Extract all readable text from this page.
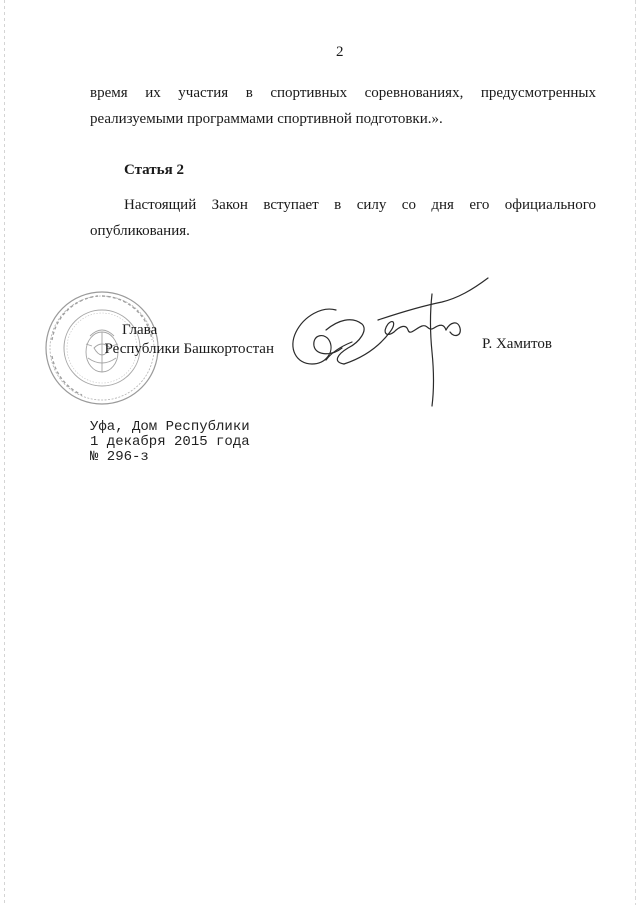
2
время их участия в спортивных соревнованиях, предусмотренных
реализуемыми программами спортивной подготовки.».
Статья 2
Настоящий Закон вступает в силу со дня его официального
опубликования.
Глава
Республики Башкортостан	Р. Хамитов
Уфа, Дом Республики
1 декабря 2015 года
№ 296-з
